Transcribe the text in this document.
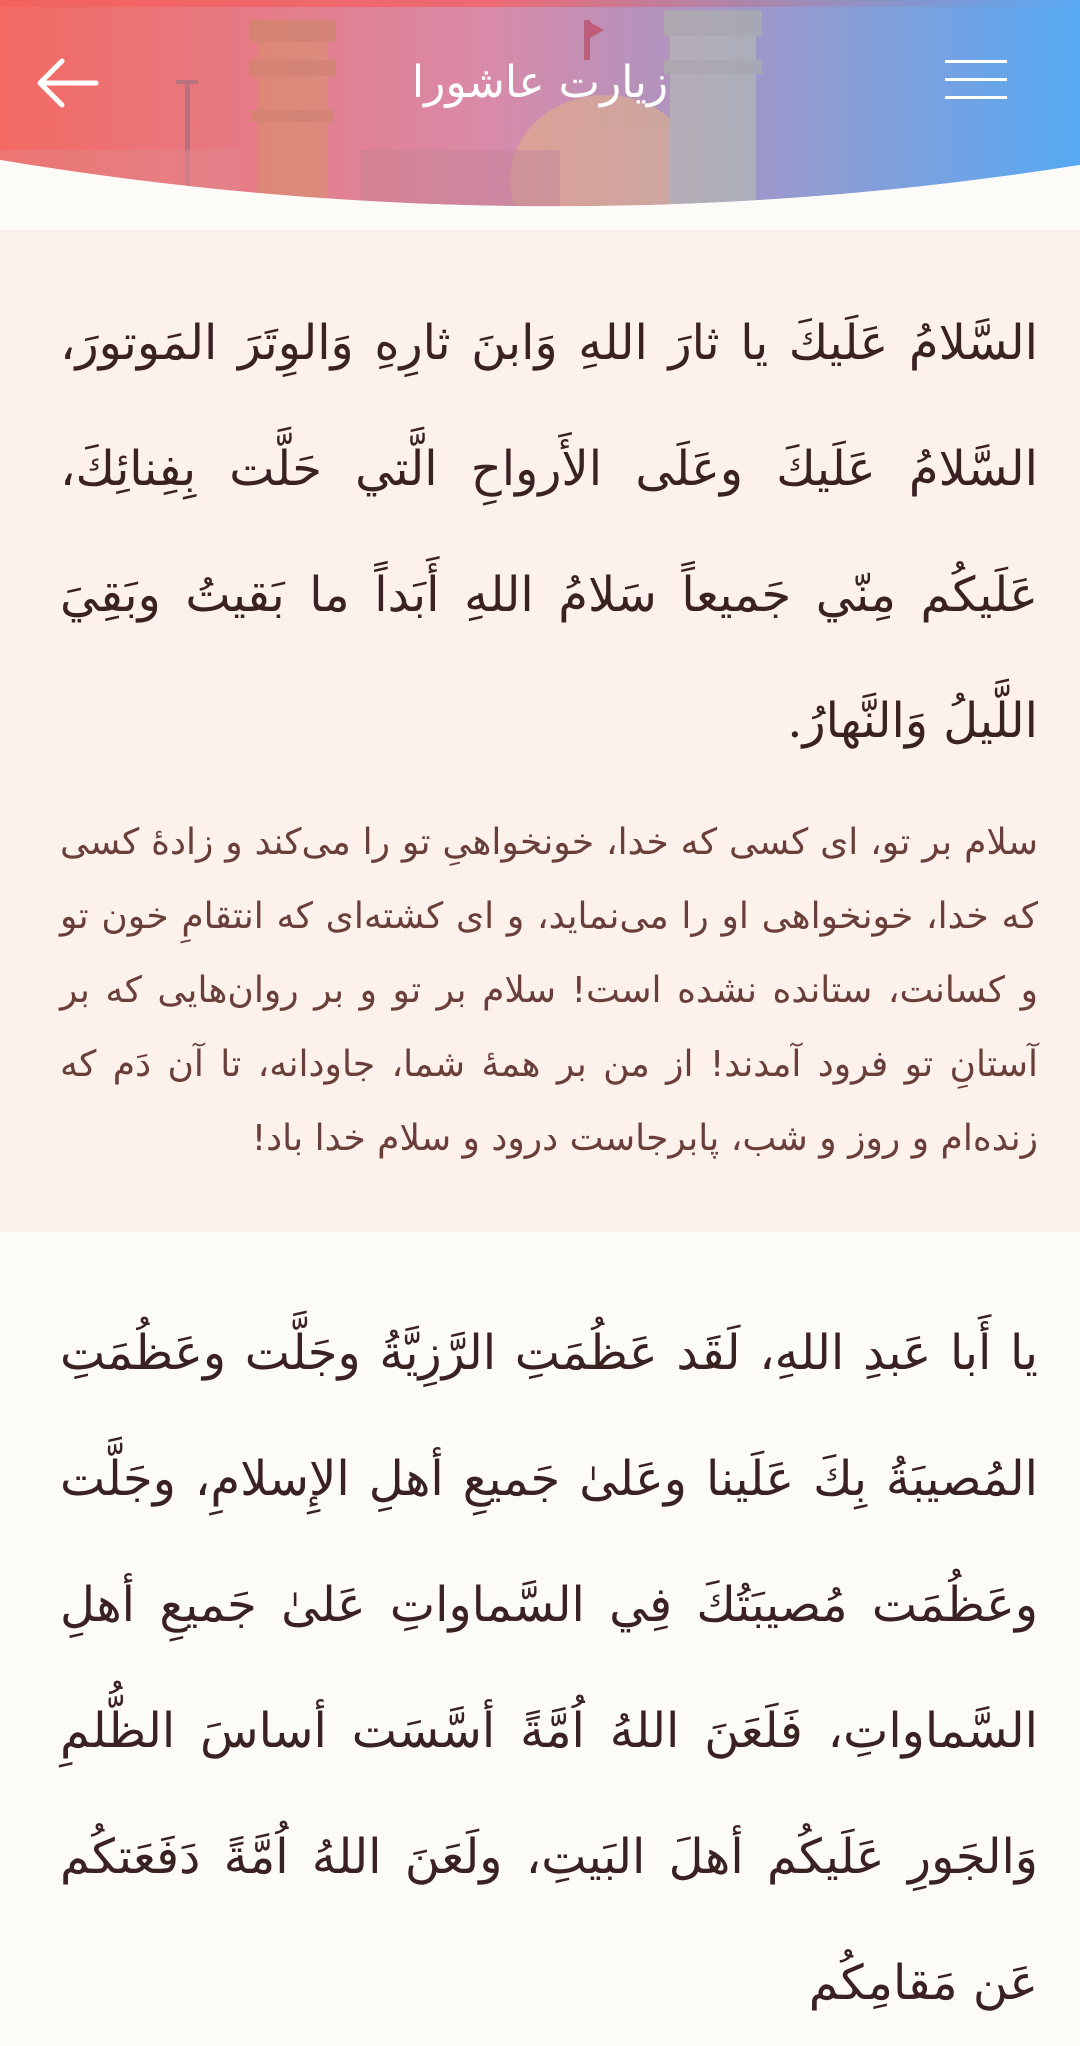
زیارت عاشورا

السَّلامُ عَلَيكَ يا ثارَ اللهِ وَابنَ ثارِهِ وَالوِتَرَ المَوتورَ، السَّلامُ عَلَيكَ وعَلَى الأَرواحِ الَّتي حَلَّت بِفِنائِكَ، عَلَيكُم مِنّي جَميعاً سَلامُ اللهِ أَبَداً ما بَقيتُ وبَقِيَ اللَّيلُ وَالنَّهارُ.

سلام بر تو، ای کسی که خدا، خونخواهیِ تو را می‌کند و زادهٔ کسی که خدا، خونخواهی او را می‌نماید، و ای کشته‌ای که انتقامِ خون تو و کسانت، ستانده نشده است! سلام بر تو و بر روان‌هایی که بر آستانِ تو فرود آمدند! از من بر همهٔ شما، جاودانه، تا آن دَم که زنده‌ام و روز و شب، پابرجاست درود و سلام خدا باد!

يا أَبا عَبدِ اللهِ، لَقَد عَظُمَتِ الرَّزِيَّةُ وجَلَّت وعَظُمَتِ المُصيبَةُ بِكَ عَلَينا وعَلىٰ جَميعِ أهلِ الإِسلامِ، وجَلَّت وعَظُمَت مُصيبَتُكَ فِي السَّماواتِ عَلىٰ جَميعِ أهلِ السَّماواتِ، فَلَعَنَ اللهُ اُمَّةً أسَّسَت أساسَ الظُّلمِ وَالجَورِ عَلَيكُم أهلَ البَيتِ، ولَعَنَ اللهُ اُمَّةً دَفَعَتكُم عَن مَقامِكُم
